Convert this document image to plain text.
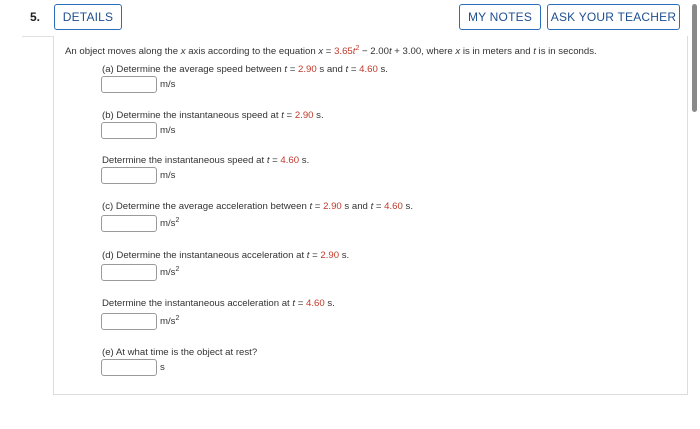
5.	DETAILS	MY NOTES	ASK YOUR TEACHER
An object moves along the x axis according to the equation $x = 3.65t^2 - 2.00t + 3.00$, where x is in meters and t is in seconds.
(a) Determine the average speed between t = 2.90 s and t = 4.60 s.
m/s
(b) Determine the instantaneous speed at t = 2.90 s.
m/s
Determine the instantaneous speed at t = 4.60 s.
m/s
(c) Determine the average acceleration between t = 2.90 s and t = 4.60 s.
$m/s^2$
(d) Determine the instantaneous acceleration at t = 2.90 s.
$m/s^2$
Determine the instantaneous acceleration at t = 4.60 s.
$m/s^2$
(e) At what time is the object at rest?
s
